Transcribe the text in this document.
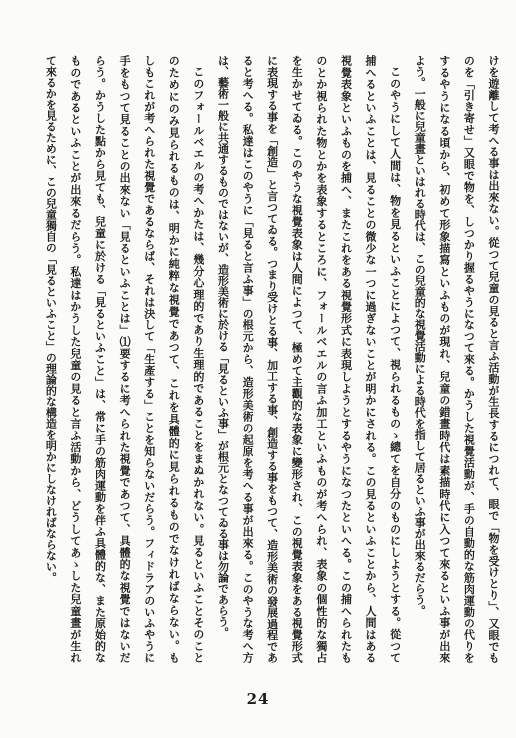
けを遊離して考へる事は出來ない。從つて兒童の見ると言ふ活動が生長するにつれて、眼で「物を受けとり」、又眼でも
のを「引き寄せ」又眼で物を、しつかり握るやうになつて來る。かうした視覺活動が、手の自動的な筋肉運動の代りを
するやうになる頃から、初めて形象描寫といふものが現れ、兒童の錯畫時代は素描時代に入つて來るといふ事が出來
よう。一般に兒童畫といはれる時代は、この兒童的な視覺活動による時代を指して居るといふ事が出來るだらう。
このやうにして人間は、物を見るといふことによつて、視られるものゝ總てを自分のものにしようとする。從つて
捕へるといふことは、見ることの微少な一つに過ぎないことが明かにされる。この見るといふことから、人間はある
視覺表象といふものを捕へ、またこれをある視覺形式に表現しようとするやうになつたといへる。この捕へられたも
のとか視られた物とかを表象するところに、フォールベエルの言ふ加工といふものが考へられ、表象の個性的な獨占
を生かせてゐる。このやうな視覺表象は人間によつて、極めて主觀的な表象に變形され、この視覺表象をある視覺形式
に表現する事を「創造」と言つてゐる。つまり受けとる事、加工する事、創造する事をもつて、造形美術の發展過程であ
ると考へる。私達はこのやうに「見ると言ふ事」の根元から、造形美術の起原を考へる事が出來る。このやうな考へ方
は、藝術一般に共通するものではないが、造形美術に於ける「見るといふ事」が根元となつてゐる事は勿論であらう。
このフォールベエルの考へかたは、幾分心理的であり生理的であることをまぬかれない。見るといふことそのこと
のためにのみ見られるものは、明かに純粹な視覺であつて、これを具體的に見られるものでなければならない。も
しもこれが考へられた視覺であるならば、それは決して「生產する」ことを知らないだらう。フィドラアのいふやうに
手をもつて見ることの出來ない「見るといふことは」⑴要するに考へられた視覺であつて、具體的な視覺ではないだ
らう。かうした點から見ても、兒童に於ける「見るといふこと」は、常に手の筋肉運動を伴ふ具體的な、また原始的な
ものであるといふことが出來るだらう。私達はかうした兒童の見ると言ふ活動から、どうしてあゝした兒童畫が生れ
て來るかを見るために、この兒童獨自の「見るといふこと」の理論的な構造を明かにしなければならない。
24
